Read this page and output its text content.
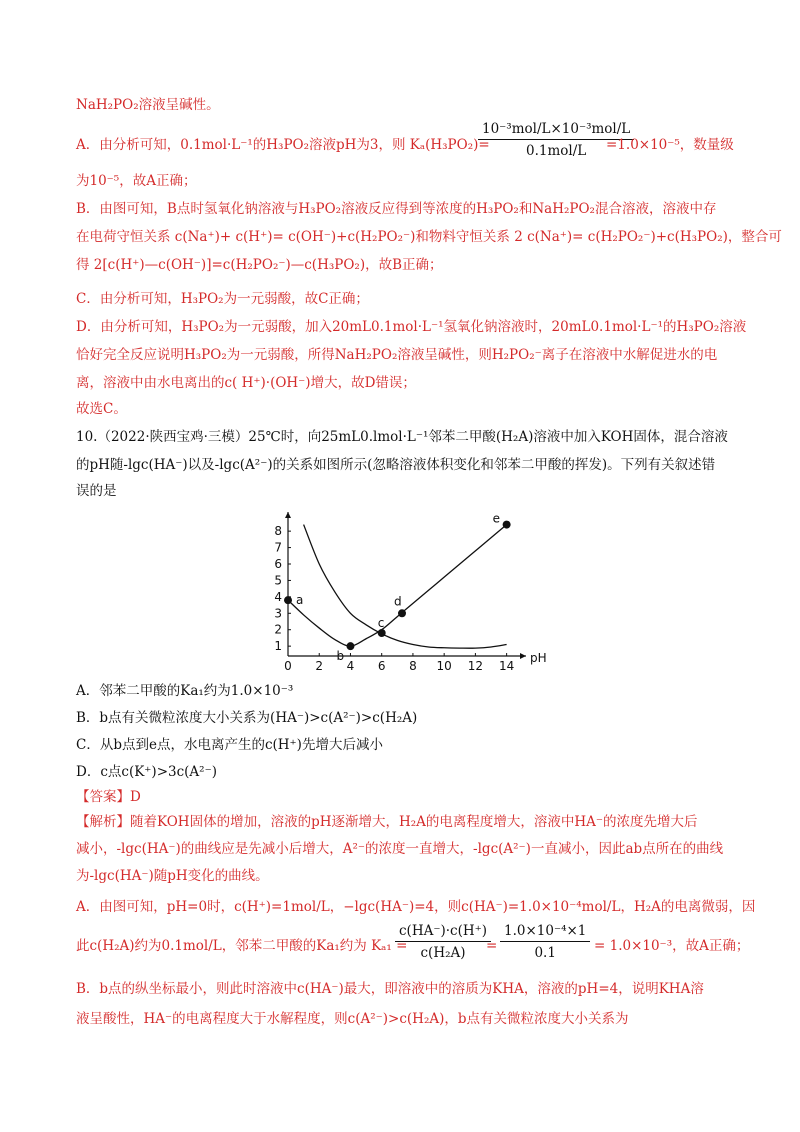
NaH₂PO₂溶液呈碱性。
A．由分析可知，0.1mol·L⁻¹的H₃PO₂溶液pH为3，则 Kₐ(H₃PO₂)=
10⁻³mol/L×10⁻³mol/L
0.1mol/L	=1.0×10⁻⁵，数量级
为10⁻⁵，故A正确；
B．由图可知，B点时氢氧化钠溶液与H₃PO₂溶液反应得到等浓度的H₃PO₂和NaH₂PO₂混合溶液，溶液中存
在电荷守恒关系 c(Na⁺)+ c(H⁺)= c(OH⁻)+c(H₂PO₂⁻)和物料守恒关系 2 c(Na⁺)= c(H₂PO₂⁻)+c(H₃PO₂)，整合可
得 2[c(H⁺)—c(OH⁻)]=c(H₂PO₂⁻)—c(H₃PO₂)，故B正确；
C．由分析可知，H₃PO₂为一元弱酸，故C正确；
D．由分析可知，H₃PO₂为一元弱酸，加入20mL0.1mol·L⁻¹氢氧化钠溶液时，20mL0.1mol·L⁻¹的H₃PO₂溶液
恰好完全反应说明H₃PO₂为一元弱酸，所得NaH₂PO₂溶液呈碱性，则H₂PO₂⁻离子在溶液中水解促进水的电
离，溶液中由水电离出的c( H⁺)·(OH⁻)增大，故D错误；
故选C。
10.（2022·陕西宝鸡·三模）25℃时，向25mL0.lmol·L⁻¹邻苯二甲酸(H₂A)溶液中加入KOH固体，混合溶液
的pH随-lgc(HA⁻)以及-lgc(A²⁻)的关系如图所示(忽略溶液体积变化和邻苯二甲酸的挥发)。下列有关叙述错
误的是
0 2 4 6 8 10 12 14
1
2
3
4
5
6
7
8
pH
a
b
c
d
e
A．邻苯二甲酸的Ka₁约为1.0×10⁻³
B．b点有关微粒浓度大小关系为(HA⁻)>c(A²⁻)>c(H₂A)
C．从b点到e点，水电离产生的c(H⁺)先增大后减小
D．c点c(K⁺)>3c(A²⁻)
【答案】D
【解析】随着KOH固体的增加，溶液的pH逐渐增大，H₂A的电离程度增大，溶液中HA⁻的浓度先增大后
减小，-lgc(HA⁻)的曲线应是先减小后增大，A²⁻的浓度一直增大，-lgc(A²⁻)一直减小，因此ab点所在的曲线
为-lgc(HA⁻)随pH变化的曲线。
A．由图可知，pH=0时，c(H⁺)=1mol/L，−lgc(HA⁻)=4，则c(HA⁻)=1.0×10⁻⁴mol/L，H₂A的电离微弱，因
此c(H₂A)约为0.1mol/L，邻苯二甲酸的Ka₁约为 Kₐ₁ =
$\frac{c(HA^-)\cdot c(H^+)}{\text{c(H₂A)}}$
= $\frac{\text{1.0×10⁻⁴×1}}{0.1} = 1.0\times 10^{-3}$，故A正确；
B．b点的纵坐标最小，则此时溶液中c(HA⁻)最大，即溶液中的溶质为KHA，溶液的pH=4，说明KHA溶
液呈酸性，HA⁻的电离程度大于水解程度，则c(A²⁻)>c(H₂A)，b点有关微粒浓度大小关系为
